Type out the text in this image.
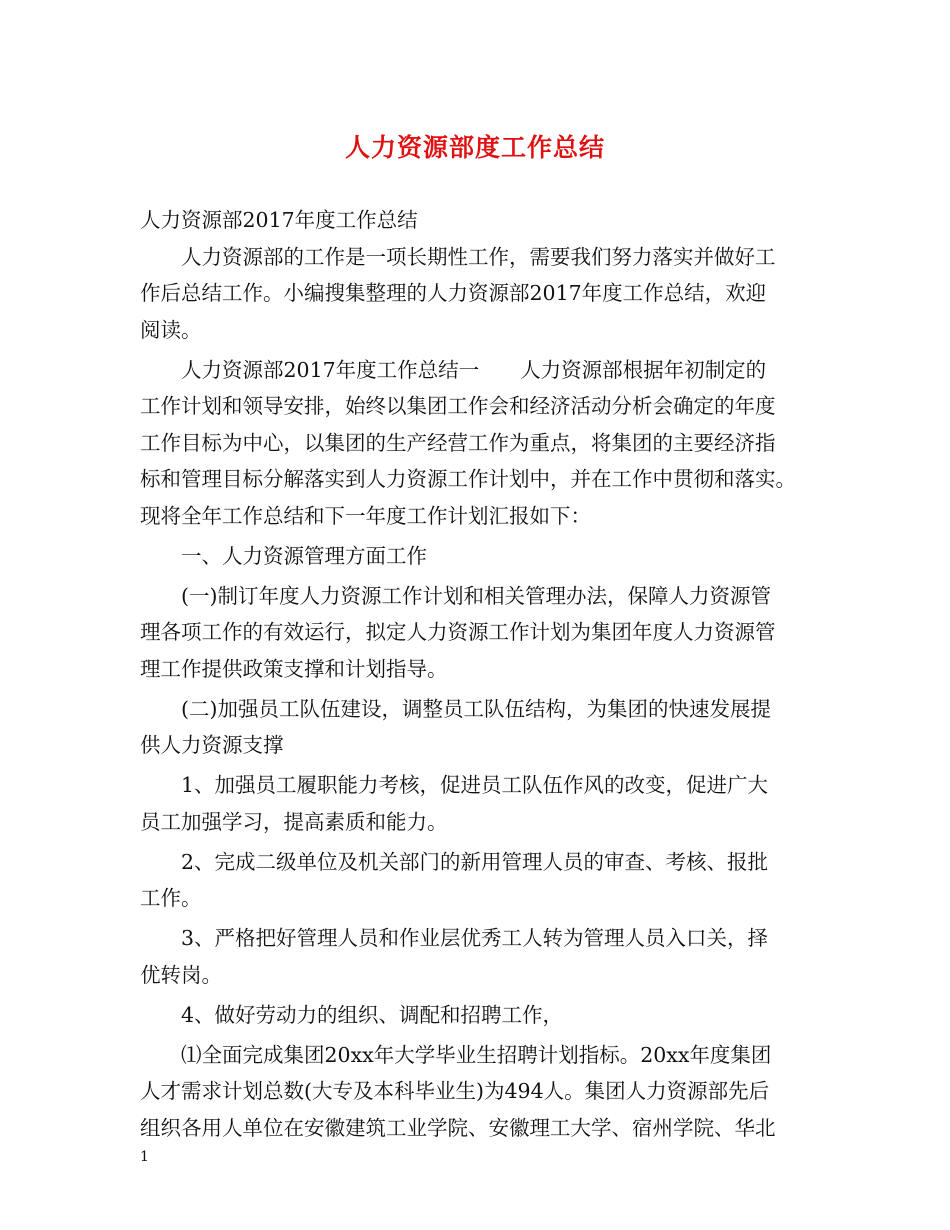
人力资源部度工作总结
人力资源部2017年度工作总结
　　人力资源部的工作是一项长期性工作，需要我们努力落实并做好工
作后总结工作。小编搜集整理的人力资源部2017年度工作总结，欢迎
阅读。
　　人力资源部2017年度工作总结一　　人力资源部根据年初制定的
工作计划和领导安排，始终以集团工作会和经济活动分析会确定的年度
工作目标为中心，以集团的生产经营工作为重点，将集团的主要经济指
标和管理目标分解落实到人力资源工作计划中，并在工作中贯彻和落实。
现将全年工作总结和下一年度工作计划汇报如下：
　　一、人力资源管理方面工作
　　(一)制订年度人力资源工作计划和相关管理办法，保障人力资源管
理各项工作的有效运行，拟定人力资源工作计划为集团年度人力资源管
理工作提供政策支撑和计划指导。
　　(二)加强员工队伍建设，调整员工队伍结构，为集团的快速发展提
供人力资源支撑
　　1、加强员工履职能力考核，促进员工队伍作风的改变，促进广大
员工加强学习，提高素质和能力。
　　2、完成二级单位及机关部门的新用管理人员的审查、考核、报批
工作。
　　3、严格把好管理人员和作业层优秀工人转为管理人员入口关，择
优转岗。
　　4、做好劳动力的组织、调配和招聘工作，
　　⑴全面完成集团20xx年大学毕业生招聘计划指标。20xx年度集团
人才需求计划总数(大专及本科毕业生)为494人。集团人力资源部先后
组织各用人单位在安徽建筑工业学院、安徽理工大学、宿州学院、华北
1
